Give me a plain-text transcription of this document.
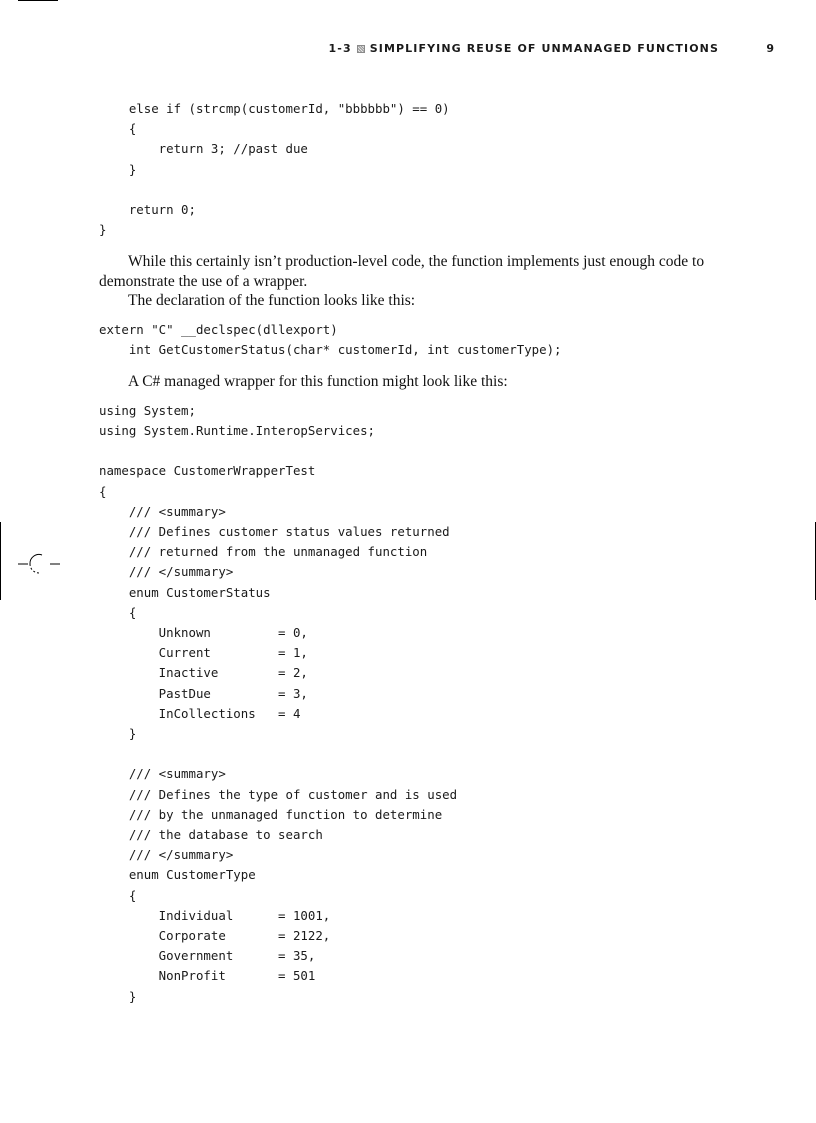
1-3 SIMPLIFYING REUSE OF UNMANAGED FUNCTIONS	9
else if (strcmp(customerId, "bbbbbb") == 0)
{
return 3; //past due
}
return 0;
}

While this certainly isn’t production-level code, the function implements just enough code to demonstrate the use of a wrapper.

The declaration of the function looks like this:

extern "C" __declspec(dllexport)
int GetCustomerStatus(char* customerId, int customerType);

A C# managed wrapper for this function might look like this:

using System;
using System.Runtime.InteropServices;
namespace CustomerWrapperTest
{
/// <summary>
/// Defines customer status values returned
/// returned from the unmanaged function
/// </summary>
enum CustomerStatus
{
Unknown         = 0,
Current         = 1,
Inactive        = 2,
PastDue         = 3,
InCollections   = 4
}
/// <summary>
/// Defines the type of customer and is used
/// by the unmanaged function to determine
/// the database to search
/// </summary>
enum CustomerType
{
Individual      = 1001,
Corporate       = 2122,
Government      = 35,
NonProfit       = 501
}
